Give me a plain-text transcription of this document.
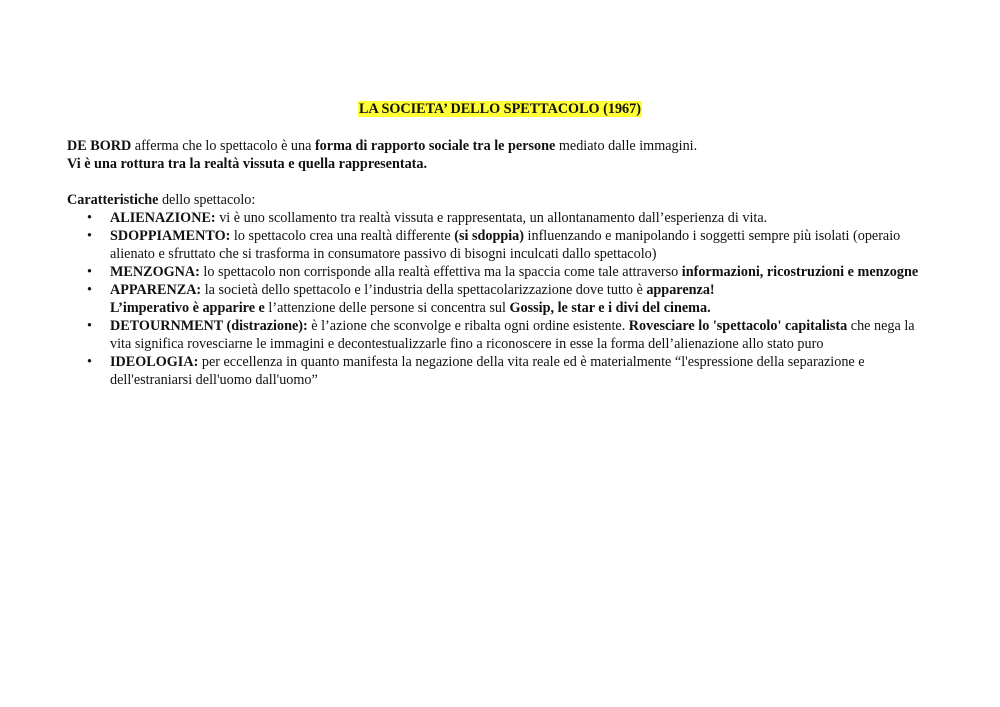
LA SOCIETA’ DELLO SPETTACOLO (1967)

DE BORD afferma che lo spettacolo è una forma di rapporto sociale tra le persone mediato dalle immagini.

Vi è una rottura tra la realtà vissuta e quella rappresentata.

Caratteristiche dello spettacolo:

• ALIENAZIONE: vi è uno scollamento tra realtà vissuta e rappresentata, un allontanamento dall’esperienza di vita.
• SDOPPIAMENTO: lo spettacolo crea una realtà differente (si sdoppia) influenzando e manipolando i soggetti sempre più isolati (operaio alienato e sfruttato che si trasforma in consumatore passivo di bisogni inculcati dallo spettacolo)
• MENZOGNA: lo spettacolo non corrisponde alla realtà effettiva ma la spaccia come tale attraverso informazioni, ricostruzioni e menzogne
• APPARENZA: la società dello spettacolo e l’industria della spettacolarizzazione dove tutto è apparenza!
L’imperativo è apparire e l’attenzione delle persone si concentra sul Gossip, le star e i divi del cinema.
• DETOURNMENT (distrazione): è l’azione che sconvolge e ribalta ogni ordine esistente. Rovesciare lo 'spettacolo' capitalista che nega la vita significa rovesciarne le immagini e decontestualizzarle fino a riconoscere in esse la forma dell’alienazione allo stato puro
• IDEOLOGIA: per eccellenza in quanto manifesta la negazione della vita reale ed è materialmente “l'espressione della separazione e dell'estraniarsi dell'uomo dall'uomo”
